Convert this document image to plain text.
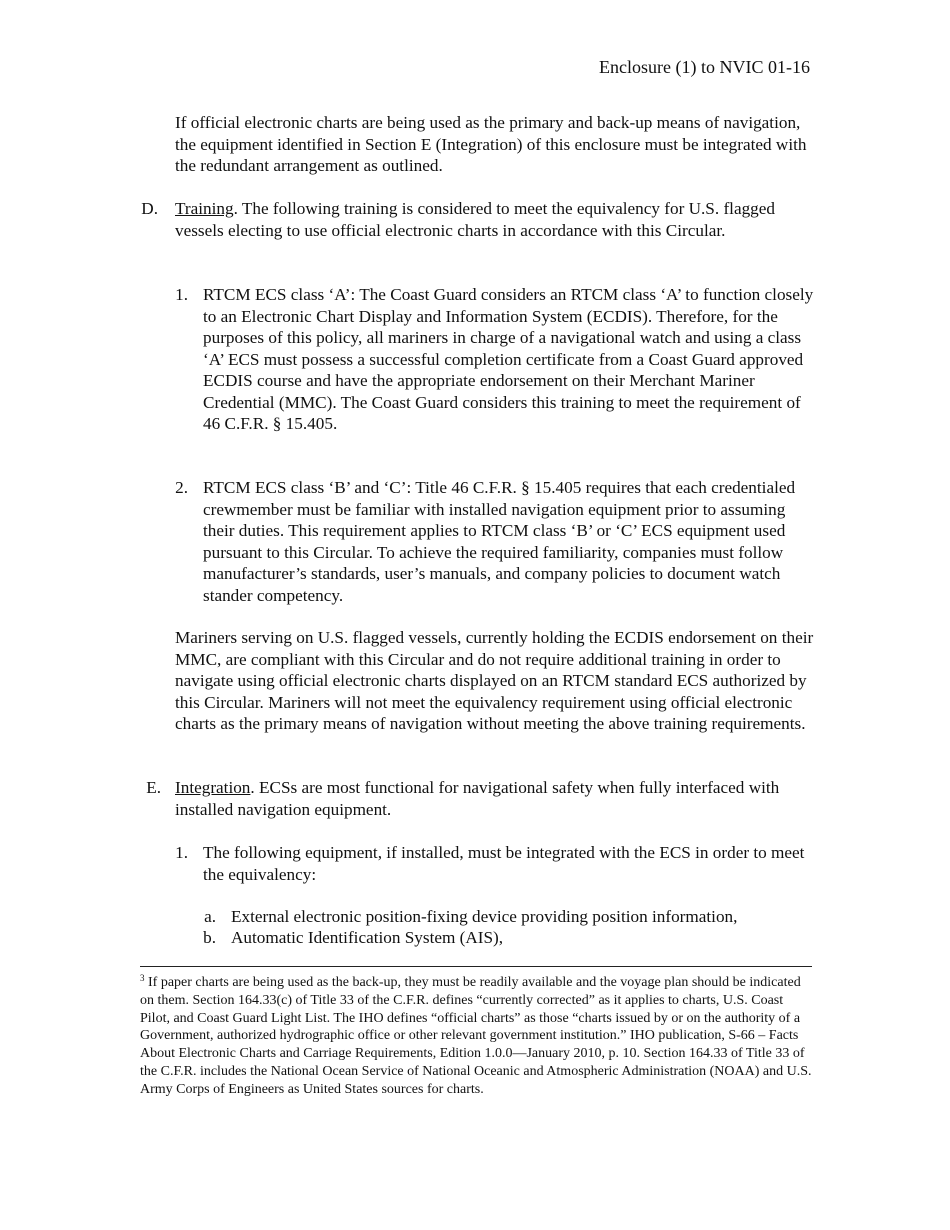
Enclosure (1) to NVIC 01-16

If official electronic charts are being used as the primary and back-up means of navigation, the equipment identified in Section E (Integration) of this enclosure must be integrated with the redundant arrangement as outlined.

D. Training. The following training is considered to meet the equivalency for U.S. flagged vessels electing to use official electronic charts in accordance with this Circular.

1. RTCM ECS class ‘A’: The Coast Guard considers an RTCM class ‘A’ to function closely to an Electronic Chart Display and Information System (ECDIS). Therefore, for the purposes of this policy, all mariners in charge of a navigational watch and using a class ‘A’ ECS must possess a successful completion certificate from a Coast Guard approved ECDIS course and have the appropriate endorsement on their Merchant Mariner Credential (MMC). The Coast Guard considers this training to meet the requirement of 46 C.F.R. § 15.405.

2. RTCM ECS class ‘B’ and ‘C’: Title 46 C.F.R. § 15.405 requires that each credentialed crewmember must be familiar with installed navigation equipment prior to assuming their duties. This requirement applies to RTCM class ‘B’ or ‘C’ ECS equipment used pursuant to this Circular. To achieve the required familiarity, companies must follow manufacturer’s standards, user’s manuals, and company policies to document watch stander competency.

Mariners serving on U.S. flagged vessels, currently holding the ECDIS endorsement on their MMC, are compliant with this Circular and do not require additional training in order to navigate using official electronic charts displayed on an RTCM standard ECS authorized by this Circular. Mariners will not meet the equivalency requirement using official electronic charts as the primary means of navigation without meeting the above training requirements.

E. Integration. ECSs are most functional for navigational safety when fully interfaced with installed navigation equipment.

1. The following equipment, if installed, must be integrated with the ECS in order to meet the equivalency:

a. External electronic position-fixing device providing position information,

b. Automatic Identification System (AIS),

$^3$ If paper charts are being used as the back-up, they must be readily available and the voyage plan should be indicated on them. Section 164.33(c) of Title 33 of the C.F.R. defines “currently corrected” as it applies to charts, U.S. Coast Pilot, and Coast Guard Light List. The IHO defines “official charts” as those “charts issued by or on the authority of a Government, authorized hydrographic office or other relevant government institution.” IHO publication, S-66 – Facts About Electronic Charts and Carriage Requirements, Edition 1.0.0—January 2010, p. 10. Section 164.33 of Title 33 of the C.F.R. includes the National Ocean Service of National Oceanic and Atmospheric Administration (NOAA) and U.S. Army Corps of Engineers as United States sources for charts.
